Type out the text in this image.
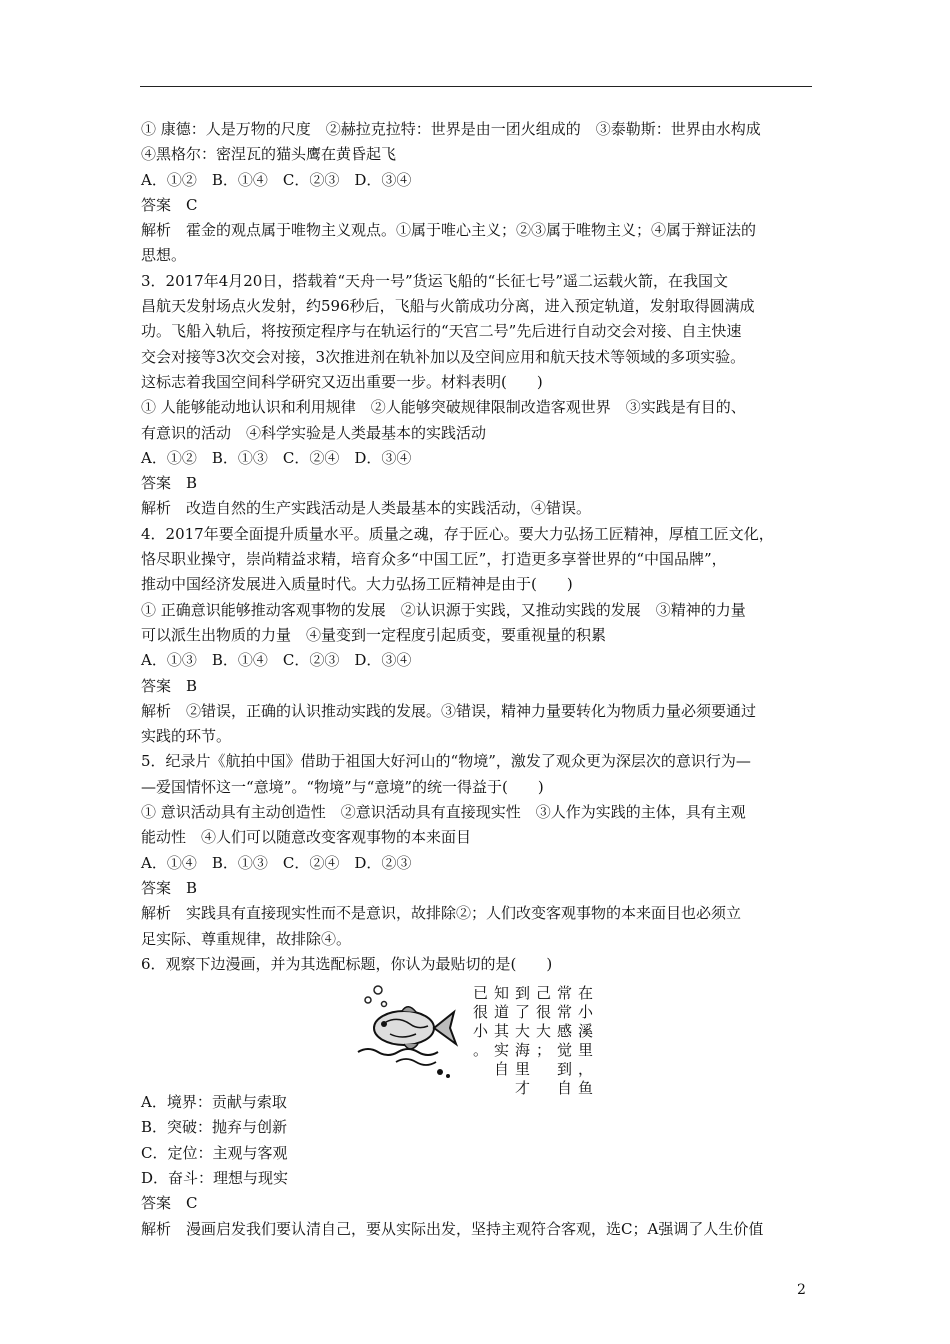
① 康德：人是万物的尺度　②赫拉克拉特：世界是由一团火组成的　③泰勒斯：世界由水构成
④黑格尔：密涅瓦的猫头鹰在黄昏起飞
A．①②　B．①④　C．②③　D．③④
答案　C
解析　霍金的观点属于唯物主义观点。①属于唯心主义；②③属于唯物主义；④属于辩证法的
思想。
3．2017年4月20日，搭载着“天舟一号”货运飞船的“长征七号”遥二运载火箭，在我国文
昌航天发射场点火发射，约596秒后，飞船与火箭成功分离，进入预定轨道，发射取得圆满成
功。飞船入轨后，将按预定程序与在轨运行的“天宫二号”先后进行自动交会对接、自主快速
交会对接等3次交会对接，3次推进剂在轨补加以及空间应用和航天技术等领域的多项实验。
这标志着我国空间科学研究又迈出重要一步。材料表明(　　)
① 人能够能动地认识和利用规律　②人能够突破规律限制改造客观世界　③实践是有目的、
有意识的活动　④科学实验是人类最基本的实践活动
A．①②　B．①③　C．②④　D．③④
答案　B
解析　改造自然的生产实践活动是人类最基本的实践活动，④错误。
4．2017年要全面提升质量水平。质量之魂，存于匠心。要大力弘扬工匠精神，厚植工匠文化，
恪尽职业操守，崇尚精益求精，培育众多“中国工匠”，打造更多享誉世界的“中国品牌”，
推动中国经济发展进入质量时代。大力弘扬工匠精神是由于(　　)
① 正确意识能够推动客观事物的发展　②认识源于实践，又推动实践的发展　③精神的力量
可以派生出物质的力量　④量变到一定程度引起质变，要重视量的积累
A．①③　B．①④　C．②③　D．③④
答案　B
解析　②错误，正确的认识推动实践的发展。③错误，精神力量要转化为物质力量必须要通过
实践的环节。
5．纪录片《航拍中国》借助于祖国大好河山的“物境”，激发了观众更为深层次的意识行为—
—爱国情怀这一“意境”。“物境”与“意境”的统一得益于(　　)
① 意识活动具有主动创造性　②意识活动具有直接现实性　③人作为实践的主体，具有主观
能动性　④人们可以随意改变客观事物的本来面目
A．①④　B．①③　C．②④　D．②③
答案　B
解析　实践具有直接现实性而不是意识，故排除②；人们改变客观事物的本来面目也必须立
足实际、尊重规律，故排除④。
6．观察下边漫画，并为其选配标题，你认为最贴切的是(　　)
在
小
溪
里
，
鱼
常
常
感
觉
到
自
己
很
大
；
到
了
大
海
里
才
知
道
其
实
自
已
很
小
。
A．境界：贡献与索取
B．突破：抛弃与创新
C．定位：主观与客观
D．奋斗：理想与现实
答案　C
解析　漫画启发我们要认清自己，要从实际出发，坚持主观符合客观，选C；A强调了人生价值
2
